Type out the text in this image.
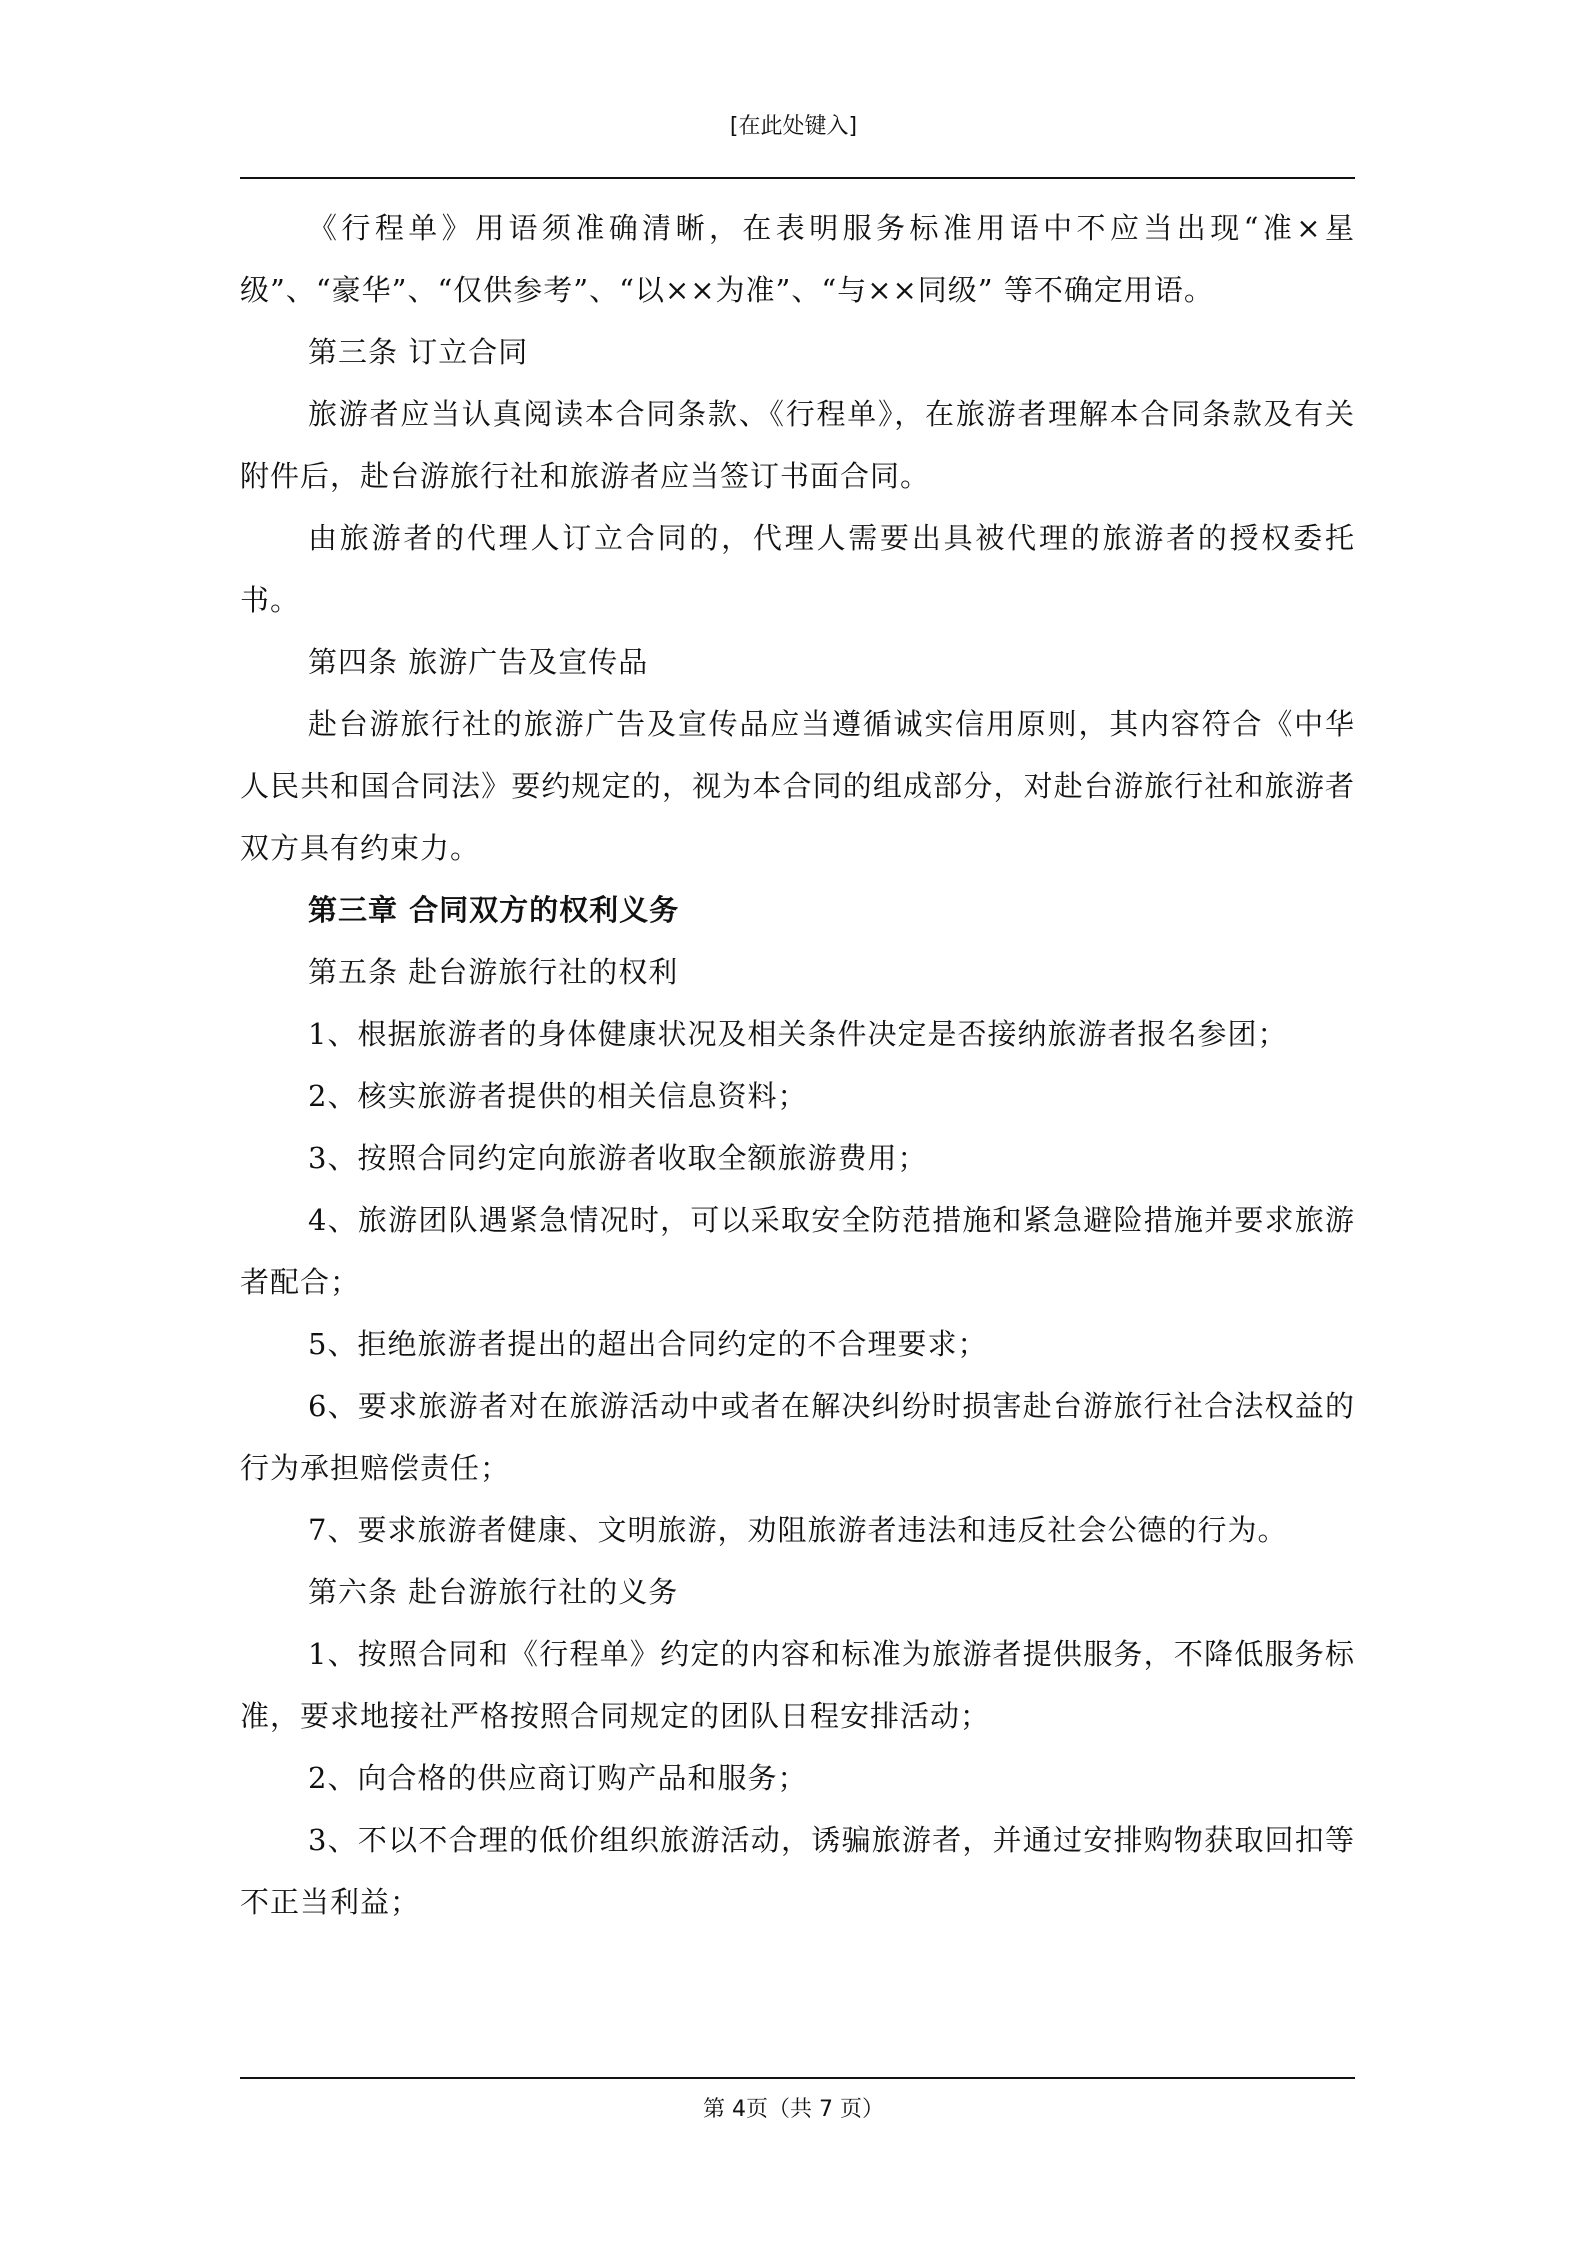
[在此处键入]

《行程单》用语须准确清晰，在表明服务标准用语中不应当出现“准×星级”、“豪华”、“仅供参考”、“以××为准”、“与××同级” 等不确定用语。

第三条 订立合同

旅游者应当认真阅读本合同条款、《行程单》，在旅游者理解本合同条款及有关附件后，赴台游旅行社和旅游者应当签订书面合同。

由旅游者的代理人订立合同的，代理人需要出具被代理的旅游者的授权委托书。

第四条 旅游广告及宣传品

赴台游旅行社的旅游广告及宣传品应当遵循诚实信用原则，其内容符合《中华人民共和国合同法》要约规定的，视为本合同的组成部分，对赴台游旅行社和旅游者双方具有约束力。

第三章 合同双方的权利义务

第五条 赴台游旅行社的权利

1、根据旅游者的身体健康状况及相关条件决定是否接纳旅游者报名参团；

2、核实旅游者提供的相关信息资料；

3、按照合同约定向旅游者收取全额旅游费用；

4、旅游团队遇紧急情况时，可以采取安全防范措施和紧急避险措施并要求旅游者配合；

5、拒绝旅游者提出的超出合同约定的不合理要求；

6、要求旅游者对在旅游活动中或者在解决纠纷时损害赴台游旅行社合法权益的行为承担赔偿责任；

7、要求旅游者健康、文明旅游，劝阻旅游者违法和违反社会公德的行为。

第六条 赴台游旅行社的义务

1、按照合同和《行程单》约定的内容和标准为旅游者提供服务，不降低服务标准，要求地接社严格按照合同规定的团队日程安排活动；

2、向合格的供应商订购产品和服务；

3、不以不合理的低价组织旅游活动，诱骗旅游者，并通过安排购物获取回扣等不正当利益；

第 4页（共 7 页）
